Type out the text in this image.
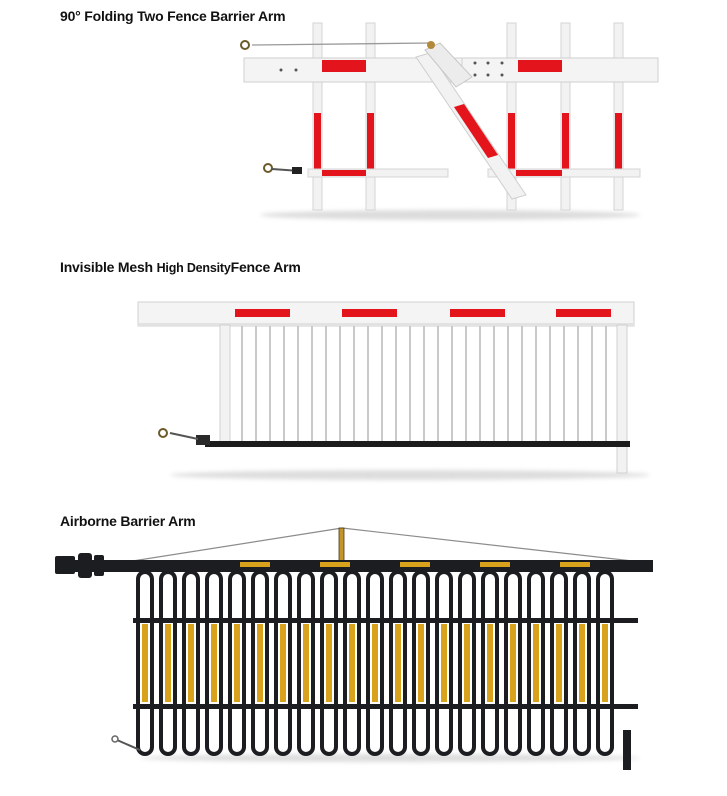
90° Folding Two Fence Barrier Arm
Invisible Mesh High DensityFence Arm
Airborne Barrier Arm
